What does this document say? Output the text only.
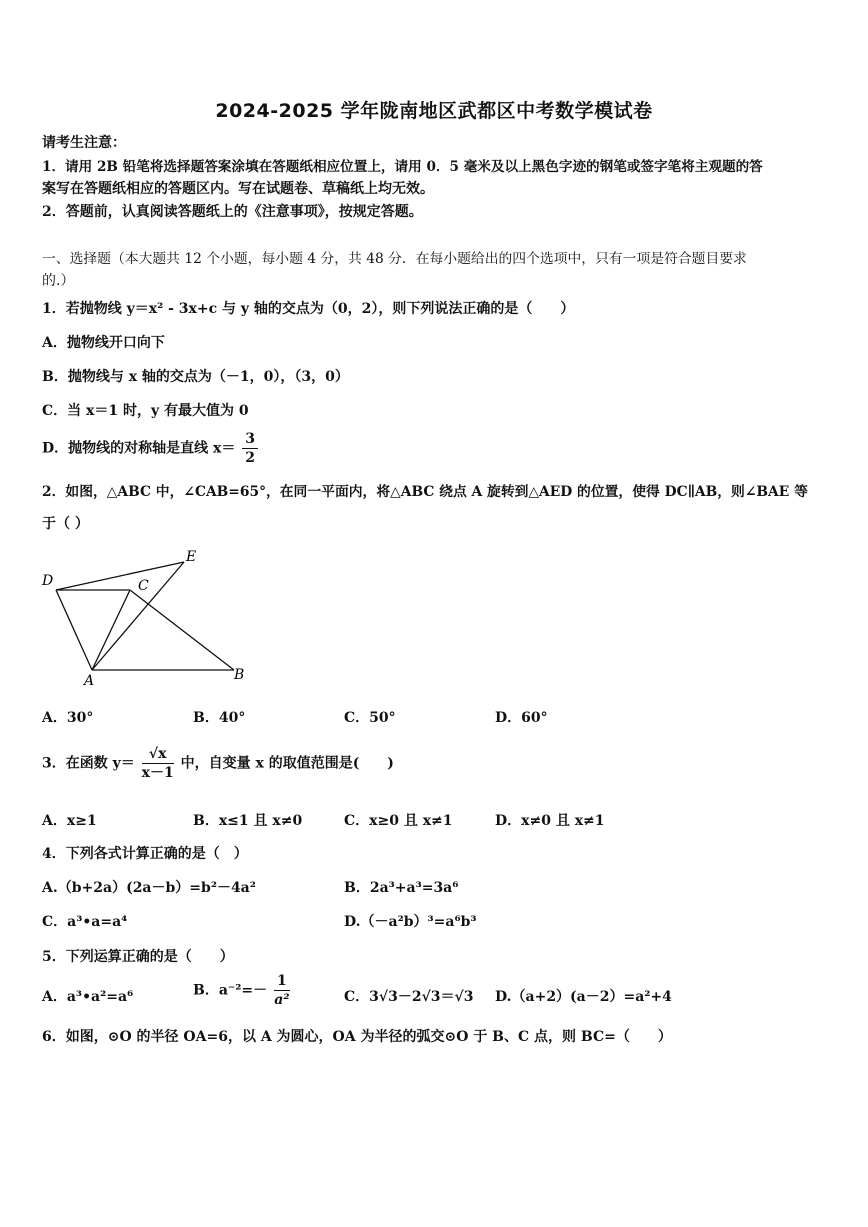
2024-2025 学年陇南地区武都区中考数学模试卷
请考生注意：
1．请用 2B 铅笔将选择题答案涂填在答题纸相应位置上，请用 0．5 毫米及以上黑色字迹的钢笔或签字笔将主观题的答
案写在答题纸相应的答题区内。写在试题卷、草稿纸上均无效。
2．答题前，认真阅读答题纸上的《注意事项》，按规定答题。
一、选择题（本大题共 12 个小题，每小题 4 分，共 48 分．在每小题给出的四个选项中，只有一项是符合题目要求
的.）
1．若抛物线 y＝x² - 3x+c 与 y 轴的交点为（0，2），则下列说法正确的是（　　）
A．抛物线开口向下
B．抛物线与 x 轴的交点为（－1，0），（3，0）
C．当 x＝1 时，y 有最大值为 0
D．抛物线的对称轴是直线 $x= \frac{3}{2}$
2．如图，△ABC 中，∠CAB=65°，在同一平面内，将△ABC 绕点 A 旋转到△AED 的位置，使得 DC∥AB，则∠BAE 等
于（ ）
D	C
E
A	B
A．30°	B．40°	C．50°	D．60°
3．在函数 $y= \frac{√x}{x-1}$ 中，自变量 x 的取值范围是(　　)
A．x≥1	B．x≤1 且 x≠0	C．x≥0 且 x≠1	D．x≠0 且 x≠1
4．下列各式计算正确的是（　）
A.（b+2a）(2a－b）=b²－4a²	B．2a³+a³=3a⁶
C．a³•a=a⁴	D.（－a²b）³=a⁶b³
5．下列运算正确的是（　　）
A．a³•a²=a⁶	B．$a^{-2}=- \frac{1}{\text{a²}}$	C．3√3－2√3＝√3 D.（a+2）(a－2）=a²+4
6．如图，⊙O 的半径 OA=6，以 A 为圆心，OA 为半径的弧交⊙O 于 B、C 点，则 BC=（　　）
